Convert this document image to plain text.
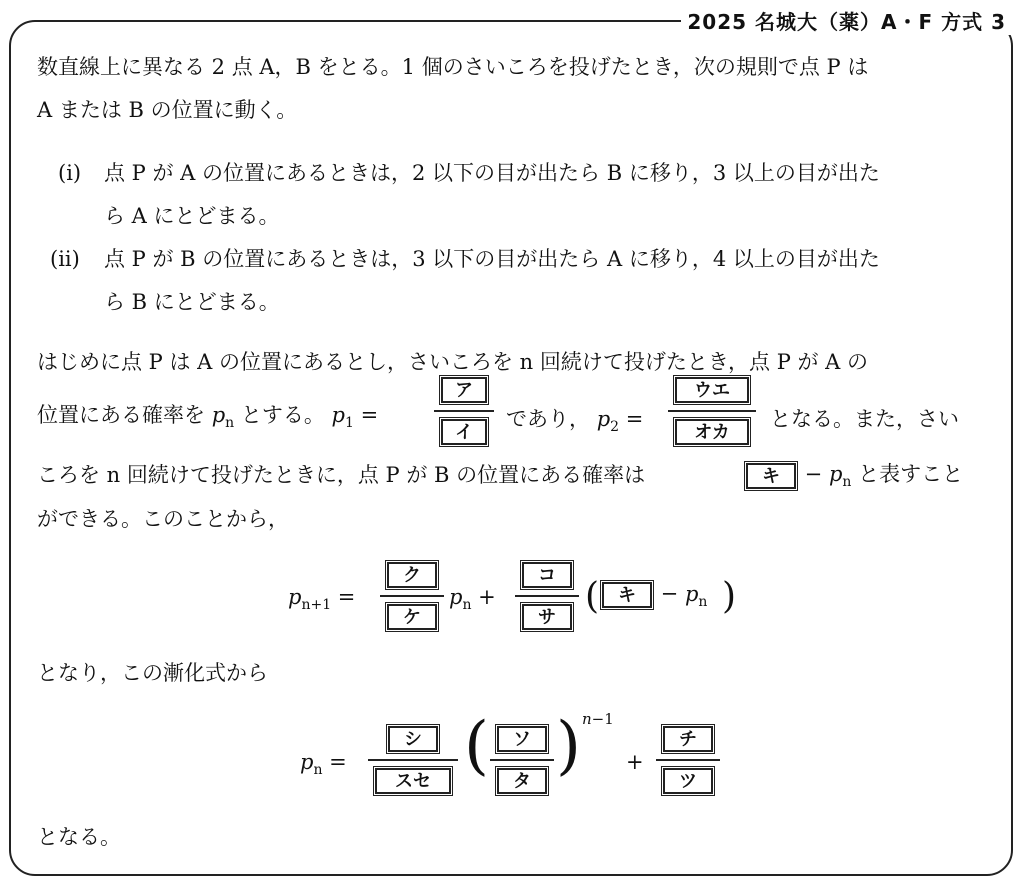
2025 名城大（薬）A・F 方式 3
数直線上に異なる 2 点 A，B をとる。1 個のさいころを投げたとき，次の規則で点 P は
A または B の位置に動く。
(i) 点 P が A の位置にあるときは，2 以下の目が出たら B に移り，3 以上の目が出た
ら A にとどまる。
(ii) 点 P が B の位置にあるときは，3 以下の目が出たら A に移り，4 以上の目が出た
ら B にとどまる。
はじめに点 P は A の位置にあるとし，さいころを n 回続けて投げたとき，点 P が A の
位置にある確率を $p_n$ とする。 $p_1$ =
ア
イ
であり， $p_2$ =
ウエ
オカ
となる。また，さい
ころを n 回続けて投げたときに，点 P が B の位置にある確率は	キ − $p_n$ と表すこと
ができる。このことから，
$p_{n+1}$ =
ク
ケ
$p_n$ +
コ
サ
(	キ − $p_n$ )
となり，この漸化式から
$p_n$ =
シ
スセ (	ソ
タ ) n−1
+
チ
ツ
となる。
